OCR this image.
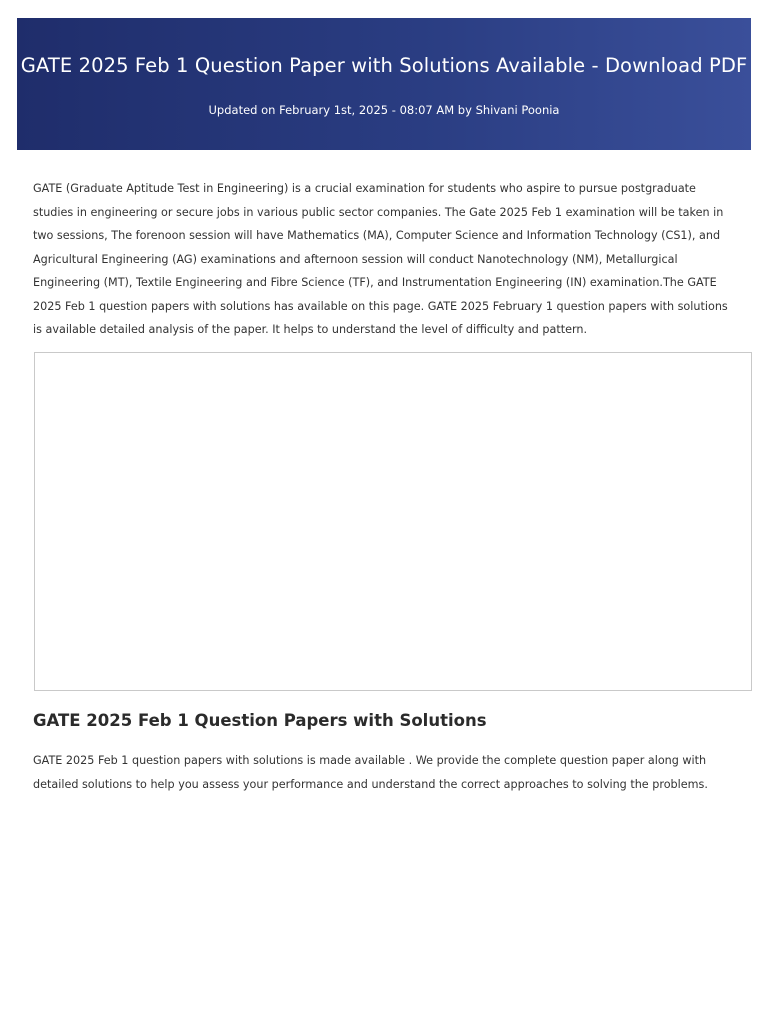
GATE 2025 Feb 1 Question Paper with Solutions Available - Download PDF
Updated on February 1st, 2025 - 08:07 AM by Shivani Poonia

GATE (Graduate Aptitude Test in Engineering) is a crucial examination for students who aspire to pursue postgraduate studies in engineering or secure jobs in various public sector companies. The Gate 2025 Feb 1 examination will be taken in two sessions, The forenoon session will have Mathematics (MA), Computer Science and Information Technology (CS1), and Agricultural Engineering (AG) examinations and afternoon session will conduct Nanotechnology (NM), Metallurgical Engineering (MT), Textile Engineering and Fibre Science (TF), and Instrumentation Engineering (IN) examination.The GATE 2025 Feb 1 question papers with solutions has available on this page. GATE 2025 February 1 question papers with solutions is available detailed analysis of the paper. It helps to understand the level of difficulty and pattern.

GATE 2025 Feb 1 Question Papers with Solutions

GATE 2025 Feb 1 question papers with solutions is made available . We provide the complete question paper along with detailed solutions to help you assess your performance and understand the correct approaches to solving the problems.
